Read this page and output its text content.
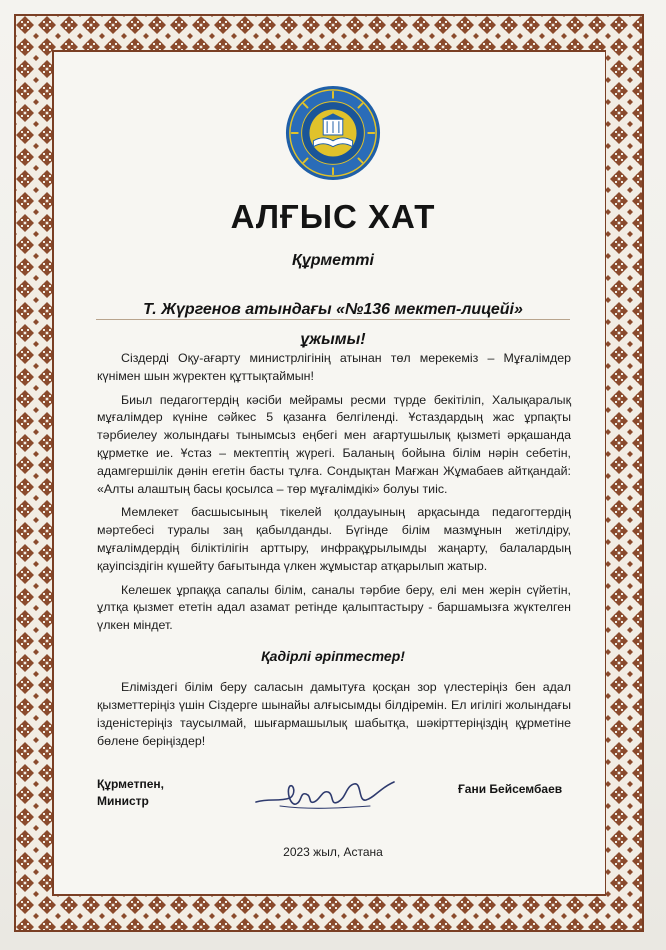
АЛҒЫС ХАТ
Құрметті
Т. Жүргенов атындағы «№136 мектеп-лицейі»
ұжымы!

Сіздерді Оқу-ағарту министрлігінің атынан төл мерекеміз – Мұғалімдер күнімен шын жүректен құттықтаймын!

Биыл педагогтердің кәсіби мейрамы ресми түрде бекітіліп, Халықаралық мұғалімдер күніне сәйкес 5 қазанға белгіленді. Ұстаздардың жас ұрпақты тәрбиелеу жолындағы тынымсыз еңбегі мен ағартушылық қызметі әрқашанда құрметке ие. Ұстаз – мектептің жүрегі. Баланың бойына білім нәрін себетін, адамгершілік дәнін егетін басты тұлға. Сондықтан Мағжан Жұмабаев айтқандай: «Алты алаштың басы қосылса – төр мұғалімдікі» болуы тиіс.

Мемлекет басшысының тікелей қолдауының арқасында педагогтердің мәртебесі туралы заң қабылданды. Бүгінде білім мазмұнын жетілдіру, мұғалімдердің біліктілігін арттыру, инфрақұрылымды жаңарту, балалардың қауіпсіздігін күшейту бағытында үлкен жұмыстар атқарылып жатыр.

Келешек ұрпаққа сапалы білім, саналы тәрбие беру, елі мен жерін сүйетін, ұлтқа қызмет ететін адал азамат ретінде қалыптастыру - баршамызға жүктелген үлкен міндет.

Қадірлі әріптестер!

Еліміздегі білім беру саласын дамытуға қосқан зор үлестеріңіз бен адал қызметтеріңіз үшін Сіздерге шынайы алғысымды білдіремін. Ел игілігі жолындағы ізденістеріңіз таусылмай, шығармашылық шабытқа, шәкірттеріңіздің құрметіне бөлене беріңіздер!

Құрметпен,
Министр
Ғани Бейсембаев
2023 жыл, Астана
